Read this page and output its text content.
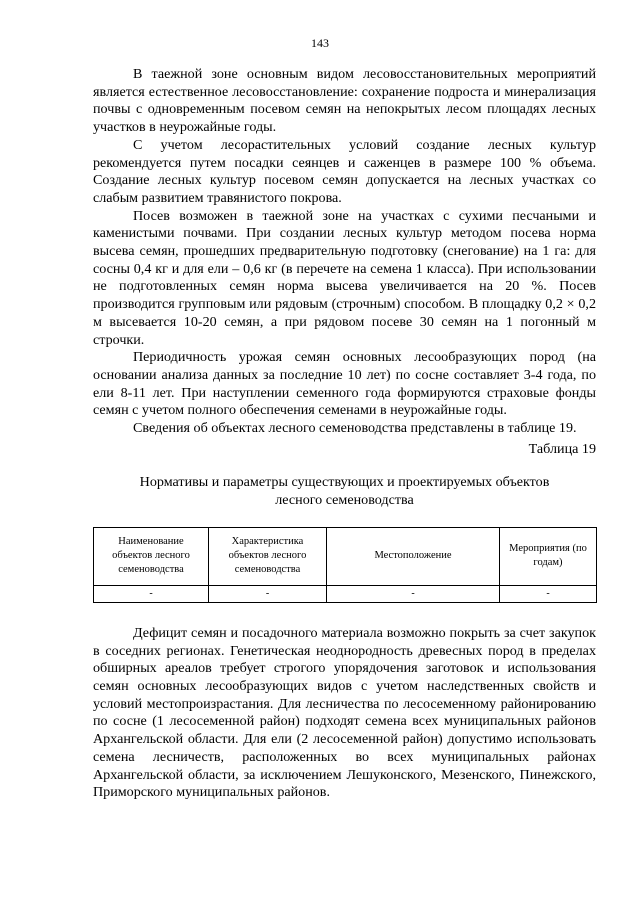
143

В таежной зоне основным видом лесовосстановительных мероприятий является естественное лесовосстановление: сохранение подроста и минерализация почвы с одновременным посевом семян на непокрытых лесом площадях лесных участков в неурожайные годы.

С учетом лесорастительных условий создание лесных культур рекомендуется путем посадки сеянцев и саженцев в размере 100 % объема. Создание лесных культур посевом семян допускается на лесных участках со слабым развитием травянистого покрова.

Посев возможен в таежной зоне на участках с сухими песчаными и каменистыми почвами. При создании лесных культур методом посева норма высева семян, прошедших предварительную подготовку (снегование) на 1 га: для сосны 0,4 кг и для ели – 0,6 кг (в перечете на семена 1 класса). При использовании не подготовленных семян норма высева увеличивается на 20 %. Посев производится групповым или рядовым (строчным) способом. В площадку 0,2 × 0,2 м высевается 10-20 семян, а при рядовом посеве 30 семян на 1 погонный м строчки.

Периодичность урожая семян основных лесообразующих пород (на основании анализа данных за последние 10 лет) по сосне составляет 3-4 года, по ели 8-11 лет. При наступлении семенного года формируются страховые фонды семян с учетом полного обеспечения семенами в неурожайные годы.

Сведения об объектах лесного семеноводства представлены в таблице 19.

Таблица 19

Нормативы и параметры существующих и проектируемых объектов
лесного семеноводства

Наименование объектов лесного семеноводства	Характеристика объектов лесного семеноводства	Местоположение	Мероприятия (по годам)
-	-	-	-

Дефицит семян и посадочного материала возможно покрыть за счет закупок в соседних регионах. Генетическая неоднородность древесных пород в пределах обширных ареалов требует строгого упорядочения заготовок и использования семян основных лесообразующих видов с учетом наследственных свойств и условий местопроизрастания. Для лесничества по лесосеменному районированию по сосне (1 лесосеменной район) подходят семена всех муниципальных районов Архангельской области. Для ели (2 лесосеменной район) допустимо использовать семена лесничеств, расположенных во всех муниципальных районах Архангельской области, за исключением Лешуконского, Мезенского, Пинежского, Приморского муниципальных районов.
